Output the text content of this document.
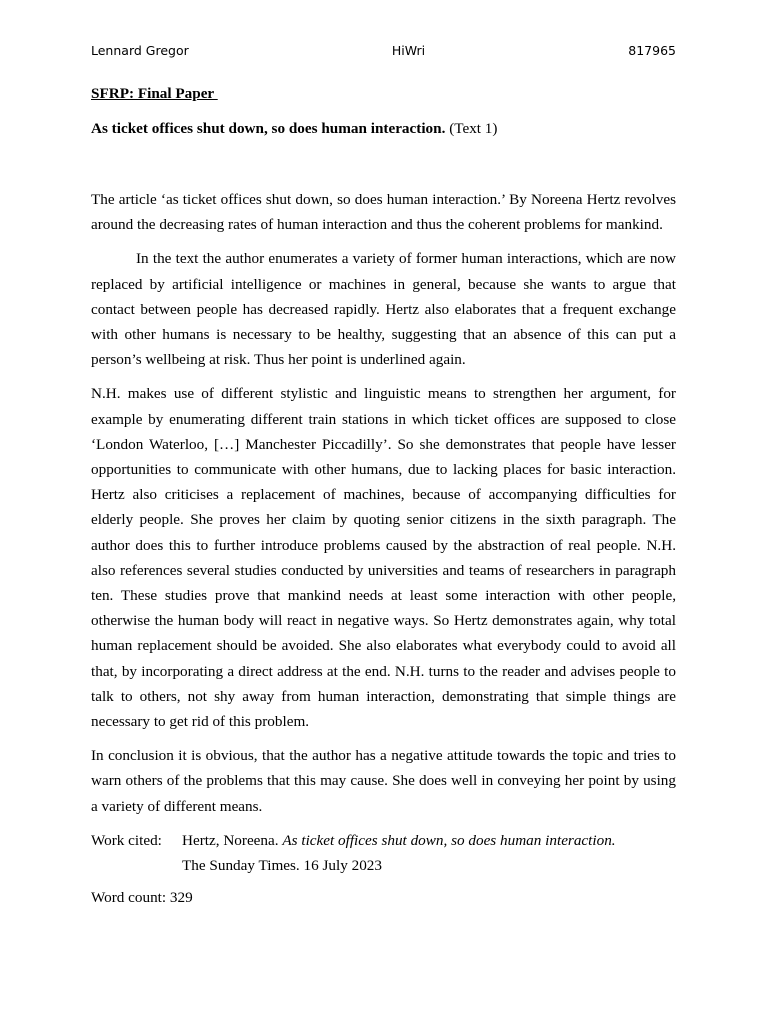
Lennard Gregor	HiWri	817965

SFRP: Final Paper

As ticket offices shut down, so does human interaction. (Text 1)

The article ‘as ticket offices shut down, so does human interaction.’ By Noreena Hertz revolves around the decreasing rates of human interaction and thus the coherent problems for mankind.

In the text the author enumerates a variety of former human interactions, which are now replaced by artificial intelligence or machines in general, because she wants to argue that contact between people has decreased rapidly. Hertz also elaborates that a frequent exchange with other humans is necessary to be healthy, suggesting that an absence of this can put a person’s wellbeing at risk. Thus her point is underlined again.

N.H. makes use of different stylistic and linguistic means to strengthen her argument, for example by enumerating different train stations in which ticket offices are supposed to close ‘London Waterloo, […] Manchester Piccadilly’. So she demonstrates that people have lesser opportunities to communicate with other humans, due to lacking places for basic interaction. Hertz also criticises a replacement of machines, because of accompanying difficulties for elderly people. She proves her claim by quoting senior citizens in the sixth paragraph. The author does this to further introduce problems caused by the abstraction of real people. N.H. also references several studies conducted by universities and teams of researchers in paragraph ten. These studies prove that mankind needs at least some interaction with other people, otherwise the human body will react in negative ways. So Hertz demonstrates again, why total human replacement should be avoided. She also elaborates what everybody could to avoid all that, by incorporating a direct address at the end. N.H. turns to the reader and advises people to talk to others, not shy away from human interaction, demonstrating that simple things are necessary to get rid of this problem.

In conclusion it is obvious, that the author has a negative attitude towards the topic and tries to warn others of the problems that this may cause. She does well in conveying her point by using a variety of different means.

Work cited:	Hertz, Noreena. As ticket offices shut down, so does human interaction.
The Sunday Times. 16 July 2023
Word count: 329
